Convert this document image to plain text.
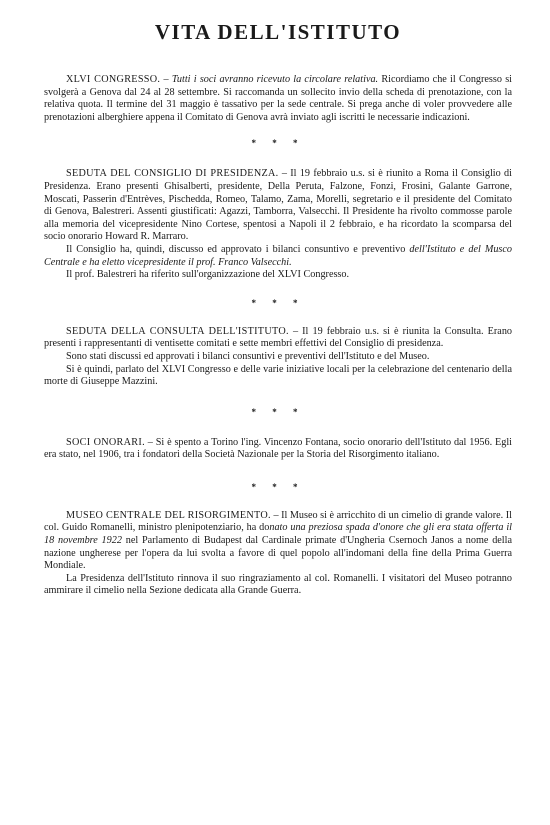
VITA DELL'ISTITUTO

XLVI CONGRESSO. – Tutti i soci avranno ricevuto la circolare relativa. Ricordiamo che il Congresso si svolgerà a Genova dal 24 al 28 settembre. Si raccomanda un sollecito invio della scheda di prenotazione, con la relativa quota. Il termine del 31 maggio è tassativo per la sede centrale. Si prega anche di voler provvedere alle prenotazioni alberghiere appena il Comitato di Genova avrà inviato agli iscritti le necessarie indicazioni.

* * *

SEDUTA DEL CONSIGLIO DI PRESIDENZA. – Il 19 febbraio u.s. si è riunito a Roma il Consiglio di Presidenza. Erano presenti Ghisalberti, presidente, Della Peruta, Falzone, Fonzi, Frosini, Galante Garrone, Moscati, Passerin d'Entrèves, Pischedda, Romeo, Talamo, Zama, Morelli, segretario e il presidente del Comitato di Genova, Balestreri. Assenti giustificati: Agazzi, Tamborra, Valsecchi. Il Presidente ha rivolto commosse parole alla memoria del vicepresidente Nino Cortese, spentosi a Napoli il 2 febbraio, e ha ricordato la scomparsa del socio onorario Howard R. Marraro.

Il Consiglio ha, quindi, discusso ed approvato i bilanci consuntivo e preventivo dell'Istituto e del Musco Centrale e ha eletto vicepresidente il prof. Franco Valsecchi.

Il prof. Balestreri ha riferito sull'organizzazione del XLVI Congresso.

* * *

SEDUTA DELLA CONSULTA DELL'ISTITUTO. – Il 19 febbraio u.s. si è riunita la Consulta. Erano presenti i rappresentanti di ventisette comitati e sette membri effettivi del Consiglio di presidenza.

Sono stati discussi ed approvati i bilanci consuntivi e preventivi dell'Istituto e del Museo.

Si è quindi, parlato del XLVI Congresso e delle varie iniziative locali per la celebrazione del centenario della morte di Giuseppe Mazzini.

* * *

SOCI ONORARI. – Si è spento a Torino l'ing. Vincenzo Fontana, socio onorario dell'Istituto dal 1956. Egli era stato, nel 1906, tra i fondatori della Società Nazionale per la Storia del Risorgimento italiano.

* * *

MUSEO CENTRALE DEL RISORGIMENTO. – Il Museo si è arricchito di un cimelio di grande valore. Il col. Guido Romanelli, ministro plenipotenziario, ha donato una preziosa spada d'onore che gli era stata offerta il 18 novembre 1922 nel Parlamento di Budapest dal Cardinale primate d'Ungheria Csernoch Janos a nome della nazione ungherese per l'opera da lui svolta a favore di quel popolo all'indomani della fine della Prima Guerra Mondiale.

La Presidenza dell'Istituto rinnova il suo ringraziamento al col. Romanelli. I visitatori del Museo potranno ammirare il cimelio nella Sezione dedicata alla Grande Guerra.
